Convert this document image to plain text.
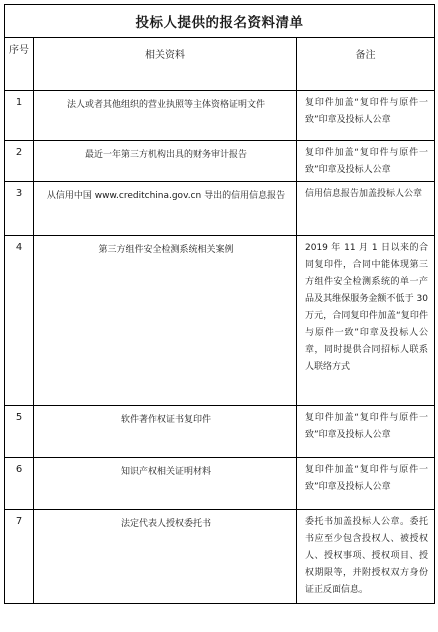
投标人提供的报名资料清单		
序号	相关资料	备注
1	法人或者其他组织的营业执照等主体资格证明文件	复印件加盖“复印件与原件一致”印章及投标人公章
2	最近一年第三方机构出具的财务审计报告	复印件加盖“复印件与原件一致”印章及投标人公章
3	从信用中国 www.creditchina.gov.cn 导出的信用信息报告	信用信息报告加盖投标人公章
4	第三方组件安全检测系统相关案例	2019 年 11 月 1 日以来的合同复印件，合同中能体现第三方组件安全检测系统的单一产品及其维保服务金额不低于 30 万元，合同复印件加盖“复印件与原件一致”印章及投标人公章，同时提供合同招标人联系人联络方式
5	软件著作权证书复印件	复印件加盖“复印件与原件一致”印章及投标人公章
6	知识产权相关证明材料	复印件加盖“复印件与原件一致”印章及投标人公章
7	法定代表人授权委托书	委托书加盖投标人公章。委托书应至少包含投权人、被授权人、授权事项、授权项目、授权期限等，并附授权双方身份证正反面信息。
